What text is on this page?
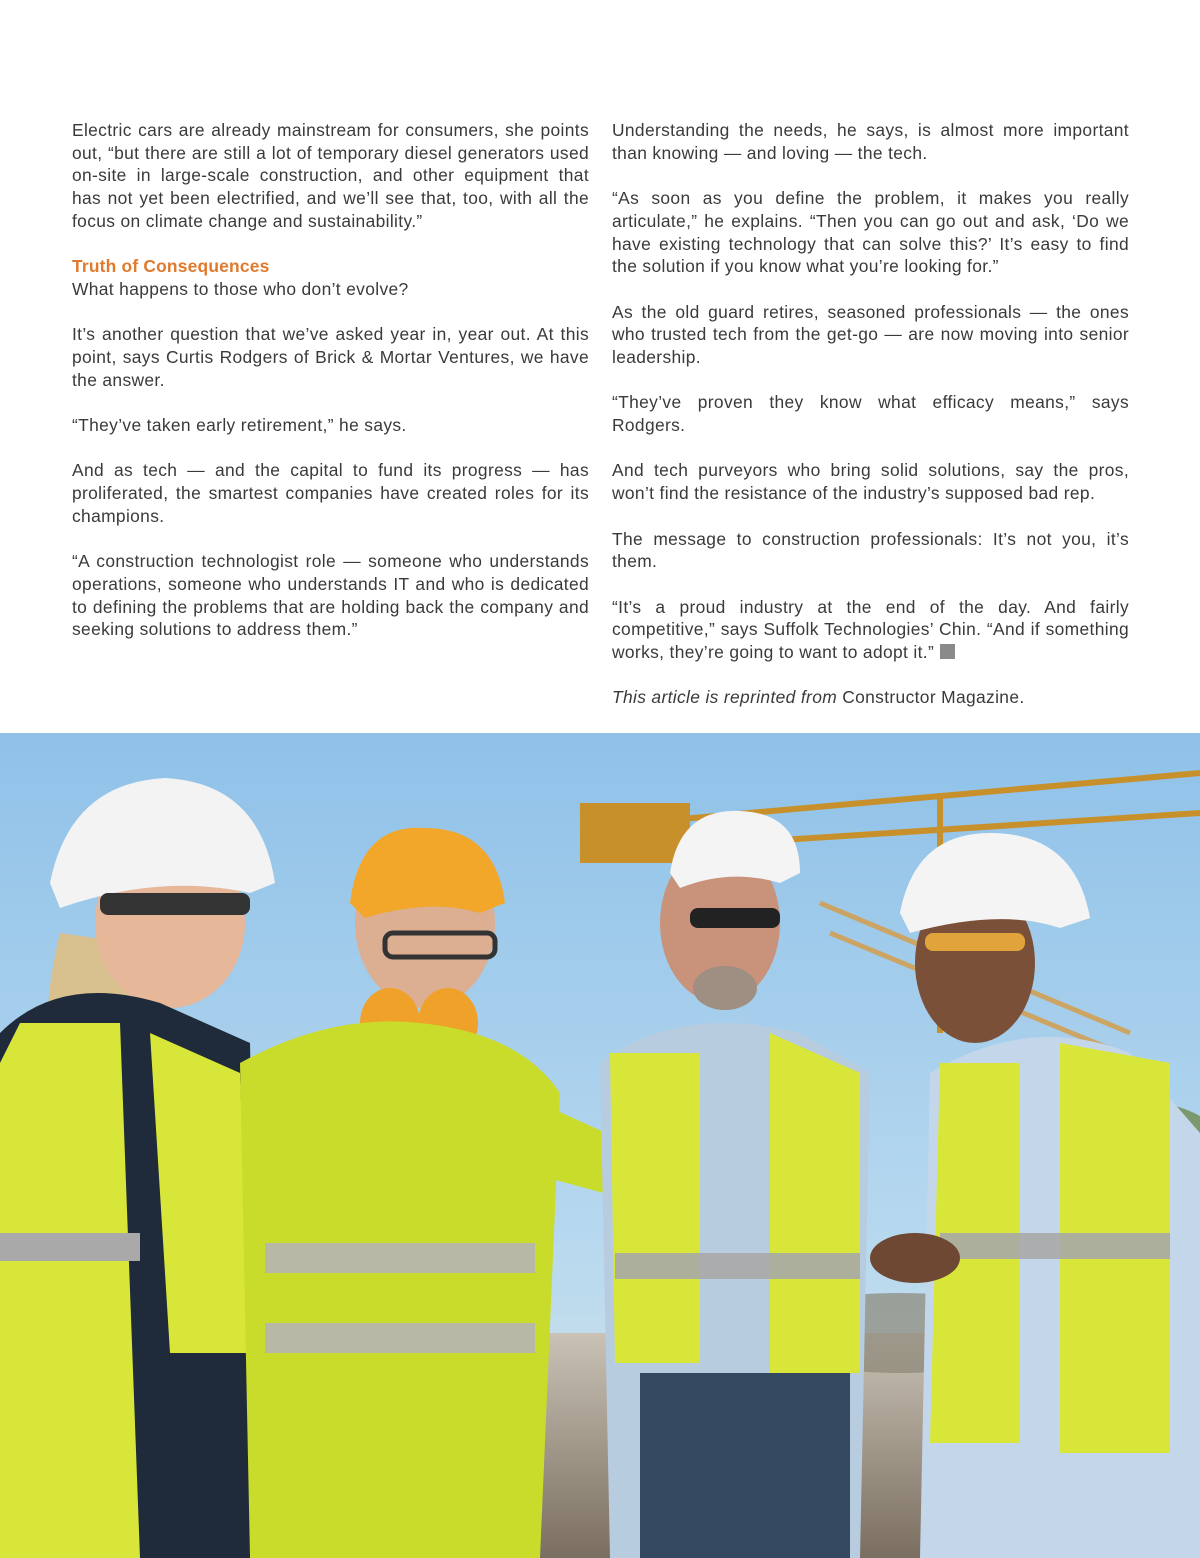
Electric cars are already mainstream for consumers, she points out, “but there are still a lot of temporary diesel generators used on-site in large-scale construction, and other equipment that has not yet been electrified, and we’ll see that, too, with all the focus on climate change and sustainability.”

Truth of Consequences

What happens to those who don’t evolve?

It’s another question that we’ve asked year in, year out. At this point, says Curtis Rodgers of Brick & Mortar Ventures, we have the answer.

“They’ve taken early retirement,” he says.

And as tech — and the capital to fund its progress — has proliferated, the smartest companies have created roles for its champions.

“A construction technologist role — someone who understands operations, someone who understands IT and who is dedicated to defining the problems that are holding back the company and seeking solutions to address them.”

Understanding the needs, he says, is almost more important than knowing — and loving — the tech.

“As soon as you define the problem, it makes you really articulate,” he explains. “Then you can go out and ask, ‘Do we have existing technology that can solve this?’ It’s easy to find the solution if you know what you’re looking for.”

As the old guard retires, seasoned professionals — the ones who trusted tech from the get-go — are now moving into senior leadership.

“They’ve proven they know what efficacy means,” says Rodgers.

And tech purveyors who bring solid solutions, say the pros, won’t find the resistance of the industry’s supposed bad rep.

The message to construction professionals: It’s not you, it’s them.

“It’s a proud industry at the end of the day. And fairly competitive,” says Suffolk Technologies’ Chin. “And if something works, they’re going to want to adopt it.”

This article is reprinted from Constructor Magazine.
